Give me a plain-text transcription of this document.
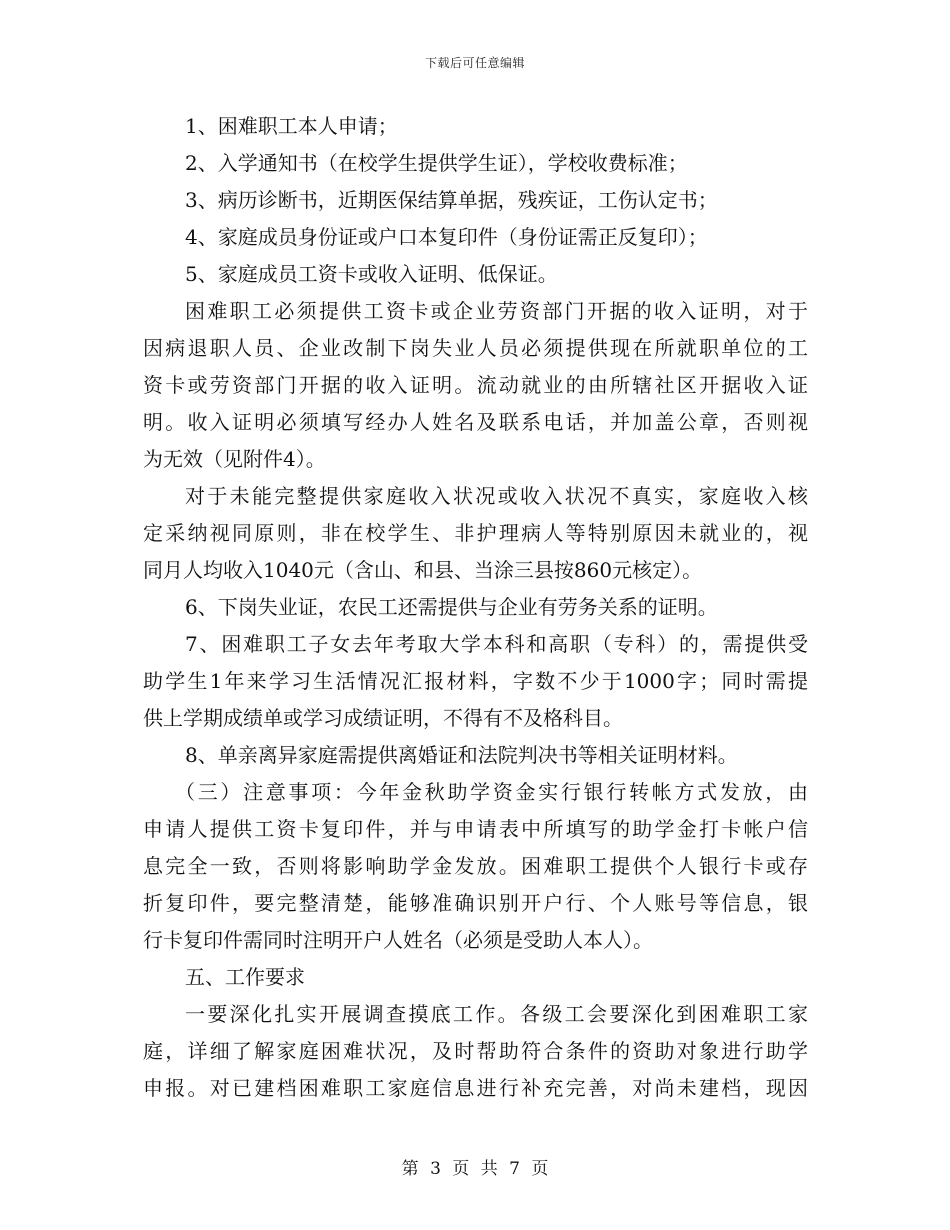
下载后可任意编辑
1、困难职工本人申请；
2、入学通知书（在校学生提供学生证），学校收费标准；
3、病历诊断书，近期医保结算单据，残疾证，工伤认定书；
4、家庭成员身份证或户口本复印件（身份证需正反复印）；
5、家庭成员工资卡或收入证明、低保证。
困难职工必须提供工资卡或企业劳资部门开据的收入证明，对于
因病退职人员、企业改制下岗失业人员必须提供现在所就职单位的工
资卡或劳资部门开据的收入证明。流动就业的由所辖社区开据收入证
明。收入证明必须填写经办人姓名及联系电话，并加盖公章，否则视
为无效（见附件4）。
对于未能完整提供家庭收入状况或收入状况不真实，家庭收入核
定采纳视同原则，非在校学生、非护理病人等特别原因未就业的，视
同月人均收入1040元（含山、和县、当涂三县按860元核定）。
6、下岗失业证，农民工还需提供与企业有劳务关系的证明。
7、困难职工子女去年考取大学本科和高职（专科）的，需提供受
助学生1年来学习生活情况汇报材料，字数不少于1000字；同时需提
供上学期成绩单或学习成绩证明，不得有不及格科目。
8、单亲离异家庭需提供离婚证和法院判决书等相关证明材料。
（三）注意事项：今年金秋助学资金实行银行转帐方式发放，由
申请人提供工资卡复印件，并与申请表中所填写的助学金打卡帐户信
息完全一致，否则将影响助学金发放。困难职工提供个人银行卡或存
折复印件，要完整清楚，能够准确识别开户行、个人账号等信息，银
行卡复印件需同时注明开户人姓名（必须是受助人本人）。
五、工作要求
一要深化扎实开展调查摸底工作。各级工会要深化到困难职工家
庭，详细了解家庭困难状况，及时帮助符合条件的资助对象进行助学
申报。对已建档困难职工家庭信息进行补充完善，对尚未建档，现因
第 3 页 共 7 页
